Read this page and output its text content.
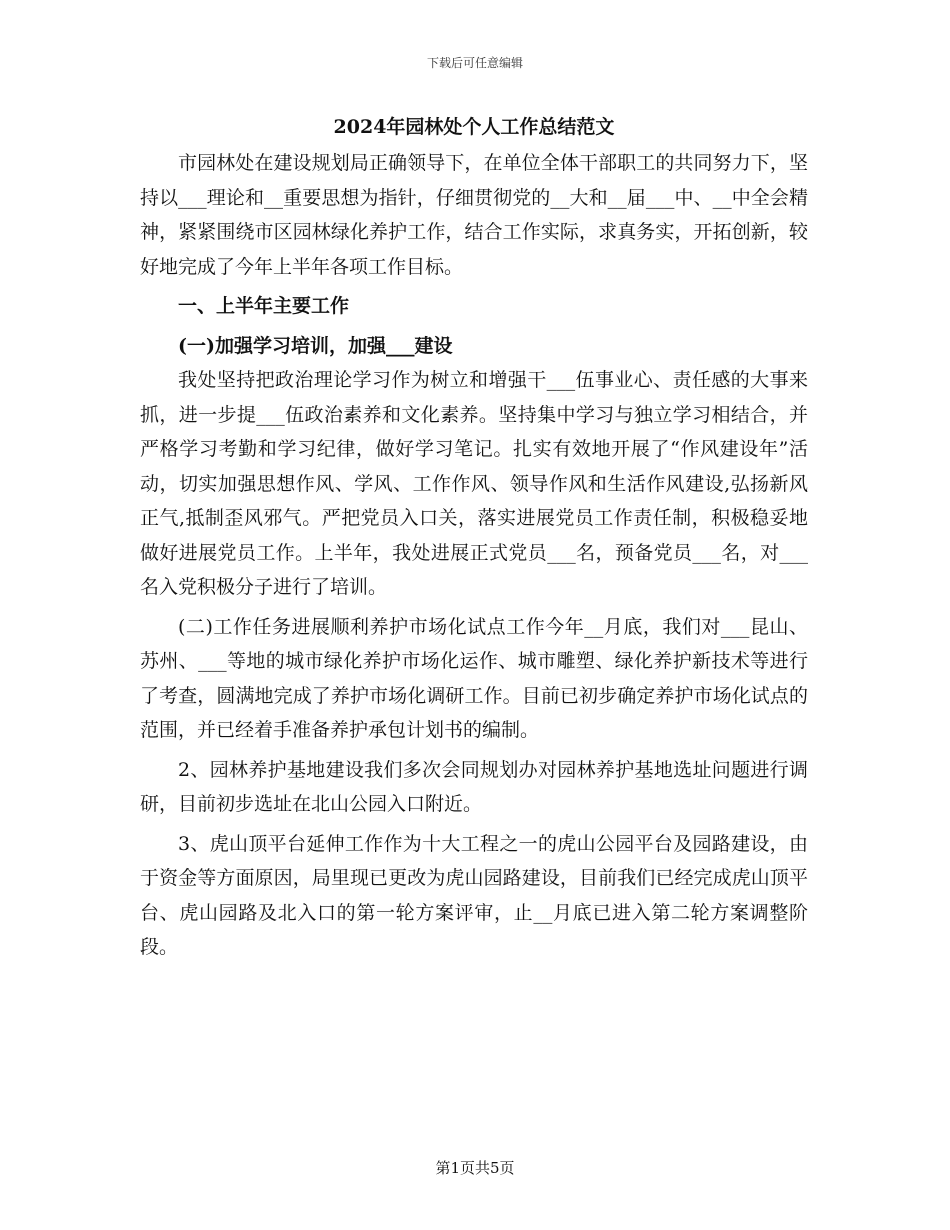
下载后可任意编辑
2024年园林处个人工作总结范文

市园林处在建设规划局正确领导下，在单位全体干部职工的共同努力下，坚持以___理论和__重要思想为指针，仔细贯彻党的__大和__届___中、__中全会精神，紧紧围绕市区园林绿化养护工作，结合工作实际，求真务实，开拓创新，较好地完成了今年上半年各项工作目标。

一、上半年主要工作

(一)加强学习培训，加强___建设

我处坚持把政治理论学习作为树立和增强干___伍事业心、责任感的大事来抓，进一步提___伍政治素养和文化素养。坚持集中学习与独立学习相结合，并严格学习考勤和学习纪律，做好学习笔记。扎实有效地开展了“作风建设年”活动，切实加强思想作风、学风、工作作风、领导作风和生活作风建设,弘扬新风正气,抵制歪风邪气。严把党员入口关，落实进展党员工作责任制，积极稳妥地做好进展党员工作。上半年，我处进展正式党员___名，预备党员___名，对___名入党积极分子进行了培训。

(二)工作任务进展顺利养护市场化试点工作今年__月底，我们对___昆山、苏州、___等地的城市绿化养护市场化运作、城市雕塑、绿化养护新技术等进行了考查，圆满地完成了养护市场化调研工作。目前已初步确定养护市场化试点的范围，并已经着手准备养护承包计划书的编制。

2、园林养护基地建设我们多次会同规划办对园林养护基地选址问题进行调研，目前初步选址在北山公园入口附近。

3、虎山顶平台延伸工作作为十大工程之一的虎山公园平台及园路建设，由于资金等方面原因，局里现已更改为虎山园路建设，目前我们已经完成虎山顶平台、虎山园路及北入口的第一轮方案评审，止__月底已进入第二轮方案调整阶段。

第1页共5页
